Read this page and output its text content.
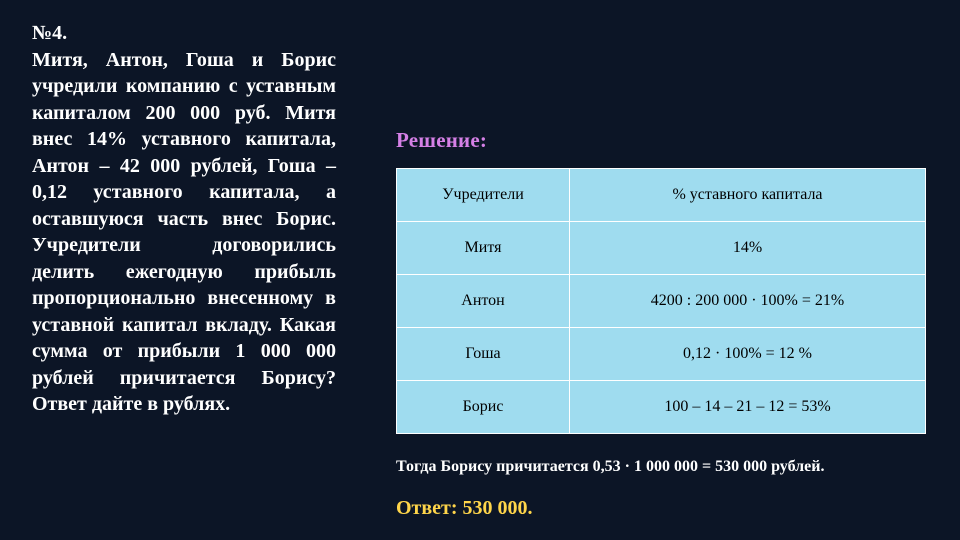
№4.
Митя, Антон, Гоша и Борис учредили компанию с уставным капиталом 200 000 руб. Митя внес 14% уставного капитала, Антон – 42 000 рублей, Гоша – 0,12 уставного капитала, а оставшуюся часть внес Борис. Учредители договорились делить ежегодную прибыль пропорционально внесенному в уставной капитал вкладу. Какая сумма от прибыли 1 000 000 рублей причитается Борису? Ответ дайте в рублях.
Решение:
Учредители	% уставного капитала
Митя	14%
Антон	4200 : 200 000 · 100% = 21%
Гоша	0,12 · 100% = 12 %
Борис	100 – 14 – 21 – 12 = 53%
Тогда Борису причитается 0,53 · 1 000 000 = 530 000 рублей.
Ответ: 530 000.
